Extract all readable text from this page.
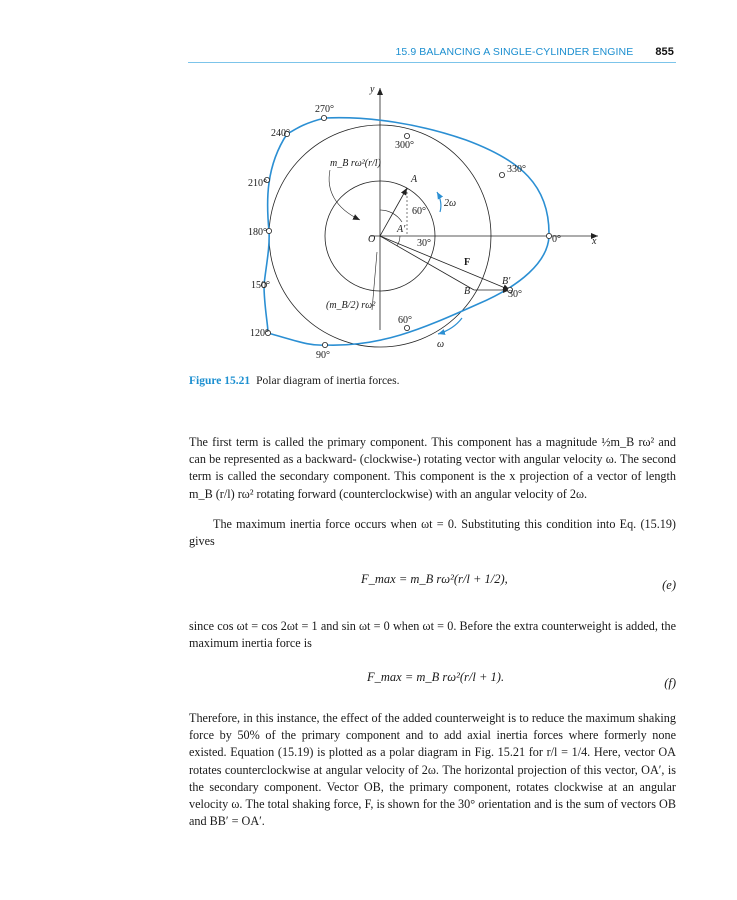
15.9 BALANCING A SINGLE-CYLINDER ENGINE 855
x
y
270°
240°
300°
330°
210°
180°
0°
150°
120°
90°
60°
A
A′
O
B
B′
F
60°
30°
30°
2ω
ω
m_B rω²(r/l)
(m_B/2) rω²
Figure 15.21 Polar diagram of inertia forces.

The first term is called the primary component. This component has a magnitude ½m_B rω² and can be represented as a backward- (clockwise-) rotating vector with angular velocity ω. The second term is called the secondary component. This component is the x projection of a vector of length m_B (r/l) rω² rotating forward (counterclockwise) with an angular velocity of 2ω.

The maximum inertia force occurs when ωt = 0. Substituting this condition into Eq. (15.19) gives

F_max = m_B rω²(r/l + 1/2),	(e)

since cos ωt = cos 2ωt = 1 and sin ωt = 0 when ωt = 0. Before the extra counterweight is added, the maximum inertia force is

F_max = m_B rω²(r/l + 1).	(f)

Therefore, in this instance, the effect of the added counterweight is to reduce the maximum shaking force by 50% of the primary component and to add axial inertia forces where formerly none existed. Equation (15.19) is plotted as a polar diagram in Fig. 15.21 for r/l = 1/4. Here, vector OA rotates counterclockwise at angular velocity of 2ω. The horizontal projection of this vector, OA′, is the secondary component. Vector OB, the primary component, rotates clockwise at an angular velocity ω. The total shaking force, F, is shown for the 30° orientation and is the sum of vectors OB and BB′ = OA′.
